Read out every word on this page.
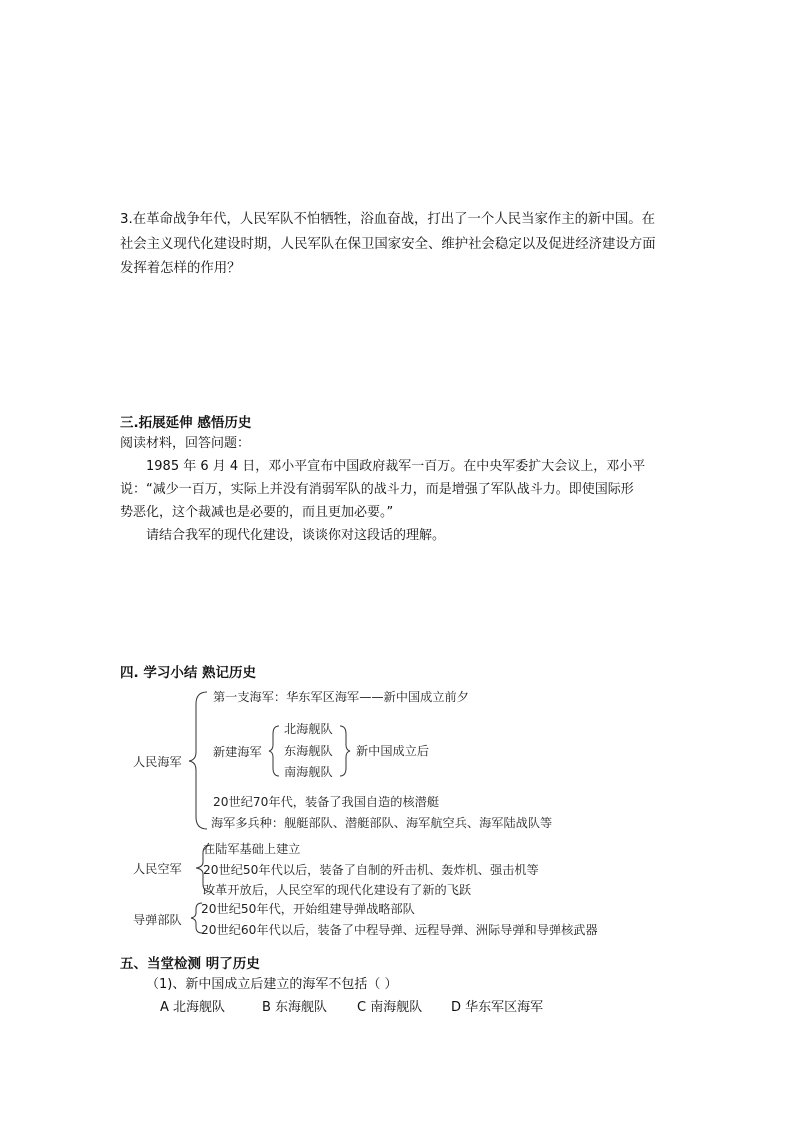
3.在革命战争年代，人民军队不怕牺牲，浴血奋战，打出了一个人民当家作主的新中国。在
社会主义现代化建设时期，人民军队在保卫国家安全、维护社会稳定以及促进经济建设方面
发挥着怎样的作用？
三.拓展延伸 感悟历史
阅读材料，回答问题：
1985 年 6 月 4 日，邓小平宣布中国政府裁军一百万。在中央军委扩大会议上，邓小平
说：“减少一百万，实际上并没有消弱军队的战斗力，而是增强了军队战斗力。即使国际形
势恶化，这个裁减也是必要的，而且更加必要。”
请结合我军的现代化建设，谈谈你对这段话的理解。
四. 学习小结 熟记历史
人民海军
第一支海军：华东军区海军——新中国成立前夕
新建海军
北海舰队
东海舰队
南海舰队
新中国成立后
20世纪70年代，装备了我国自造的核潜艇
海军多兵种：舰艇部队、潜艇部队、海军航空兵、海军陆战队等
人民空军
在陆军基础上建立
20世纪50年代以后，装备了自制的歼击机、轰炸机、强击机等
改革开放后，人民空军的现代化建设有了新的飞跃
导弹部队
20世纪50年代，开始组建导弹战略部队
20世纪60年代以后，装备了中程导弹、远程导弹、洲际导弹和导弹核武器
五、当堂检测 明了历史
（1)、新中国成立后建立的海军不包括（ ）
A 北海舰队	B 东海舰队 C 南海舰队 D 华东军区海军
